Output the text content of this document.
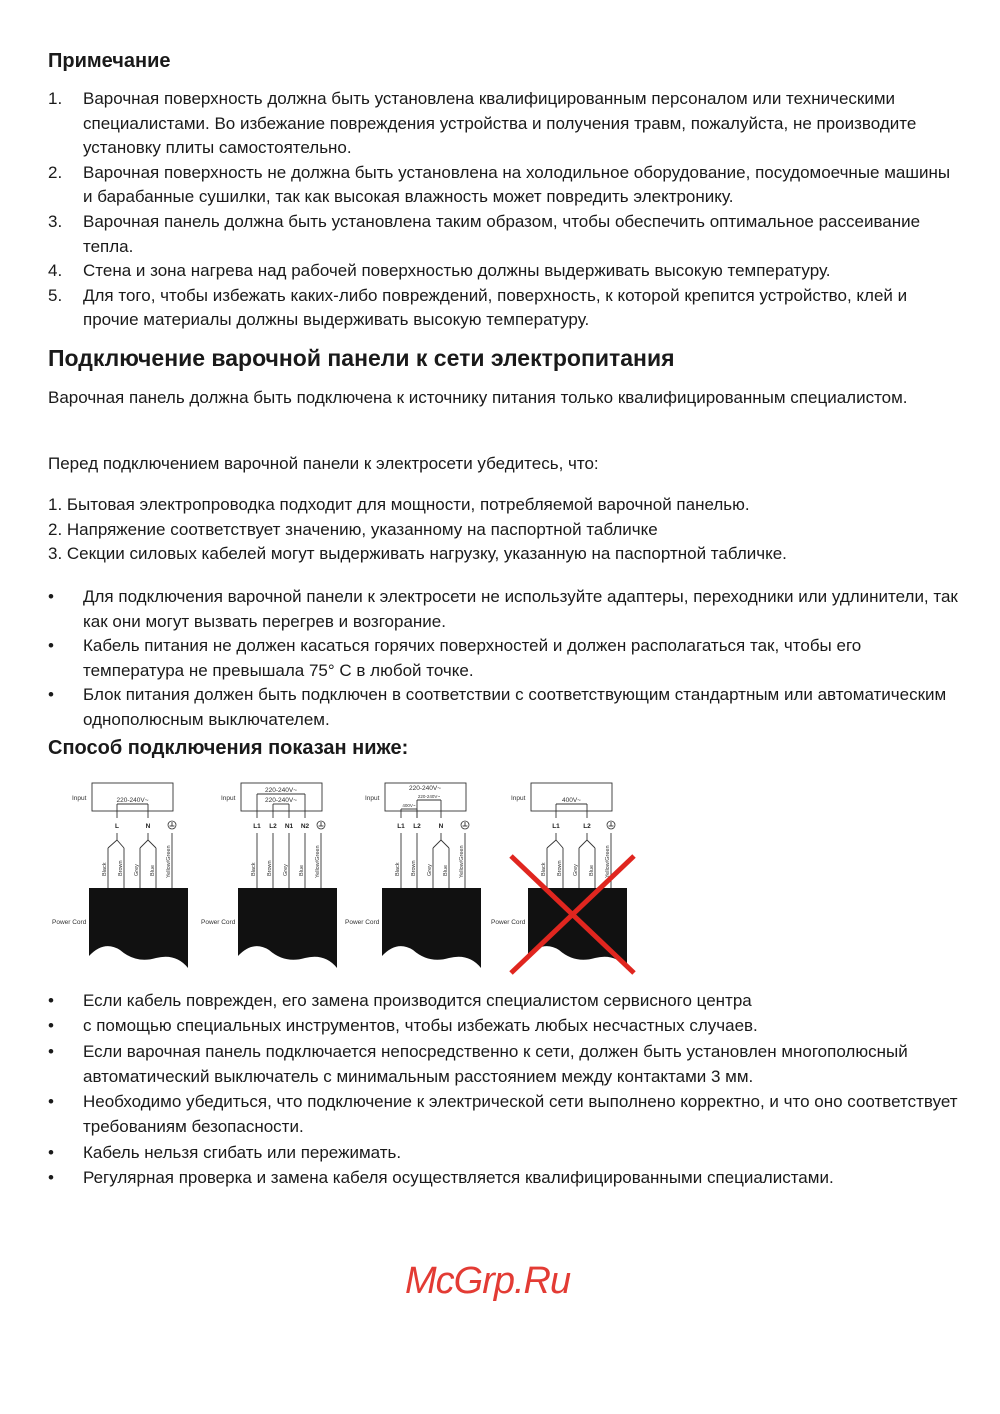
Примечание
1. Варочная поверхность должна быть установлена квалифицированным персоналом или техническими специалистами. Во избежание повреждения устройства и получения травм, пожалуйста, не производите установку плиты самостоятельно.
2. Варочная поверхность не должна быть установлена на холодильное оборудование, посудомоечные машины и барабанные сушилки, так как высокая влажность может повредить электронику.
3. Варочная панель должна быть установлена таким образом, чтобы обеспечить оптимальное рассеивание тепла.
4. Стена и зона нагрева над рабочей поверхностью должны выдерживать высокую температуру.
5. Для того, чтобы избежать каких-либо повреждений, поверхность, к которой крепится устройство, клей и прочие материалы должны выдерживать высокую температуру.
Подключение варочной панели к сети электропитания
Варочная панель должна быть подключена к источнику питания только квалифицированным специалистом.
Перед подключением варочной панели к электросети убедитесь, что:
1. Бытовая электропроводка подходит для мощности, потребляемой варочной панелью.
2. Напряжение соответствует значению, указанному на паспортной табличке
3. Секции силовых кабелей могут выдерживать нагрузку, указанную на паспортной табличке.
• Для подключения варочной панели к электросети не используйте адаптеры, переходники или удлинители, так как они могут вызвать перегрев и возгорание.
• Кабель питания не должен касаться горячих поверхностей и должен располагаться так, чтобы его температура не превышала 75° С в любой точке.
• Блок питания должен быть подключен в соответствии с соответствующим стандартным или автоматическим однополюсным выключателем.
Способ подключения показан ниже:
Input	220-240V~
L	N
Black Brown Grey Blue Yellow/Green
Power Cord
Input	220-240V~
220-240V~
L1 L2 N1 N2
Black Brown Grey Blue Yellow/Green
Power Cord
Input
400V~
220-240V~
220-240V~
L1 L2	N
Black Brown Grey Blue Yellow/Green
Power Cord
Input	400V~
L1	L2
Black Brown Grey Blue Yellow/Green
Power Cord
• Если кабель поврежден, его замена производится специалистом сервисного центра
• с помощью специальных инструментов, чтобы избежать любых несчастных случаев.
• Если варочная панель подключается непосредственно к сети, должен быть установлен многополюсный автоматический выключатель с минимальным расстоянием между контактами 3 мм.
• Необходимо убедиться, что подключение к электрической сети выполнено корректно, и что оно соответствует требованиям безопасности.
• Кабель нельзя сгибать или пережимать.
• Регулярная проверка и замена кабеля осуществляется квалифицированными специалистами.
McGrp.Ru
